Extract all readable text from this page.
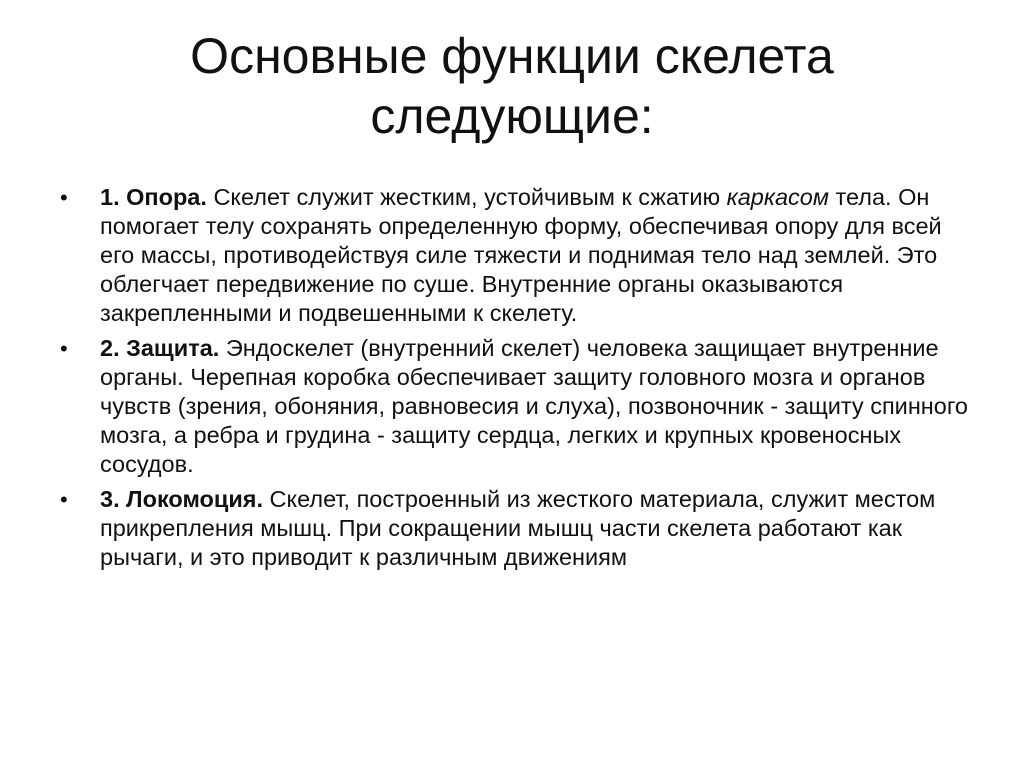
Основные функции скелета
следующие:
• 1. Опора. Скелет служит жестким, устойчивым к сжатию каркасом тела. Он помогает телу сохранять определенную форму, обеспечивая опору для всей его массы, противодействуя силе тяжести и поднимая тело над землей. Это облегчает передвижение по суше. Внутренние органы оказываются закрепленными и подвешенными к скелету.
• 2. Защита. Эндоскелет (внутренний скелет) человека защищает внутренние органы. Черепная коробка обеспечивает защиту головного мозга и органов чувств (зрения, обоняния, равновесия и слуха), позвоночник - защиту спинного мозга, а ребра и грудина - защиту сердца, легких и крупных кровеносных сосудов.
• 3. Локомоция. Скелет, построенный из жесткого материала, служит местом прикрепления мышц. При сокращении мышц части скелета работают как рычаги, и это приводит к различным движениям
